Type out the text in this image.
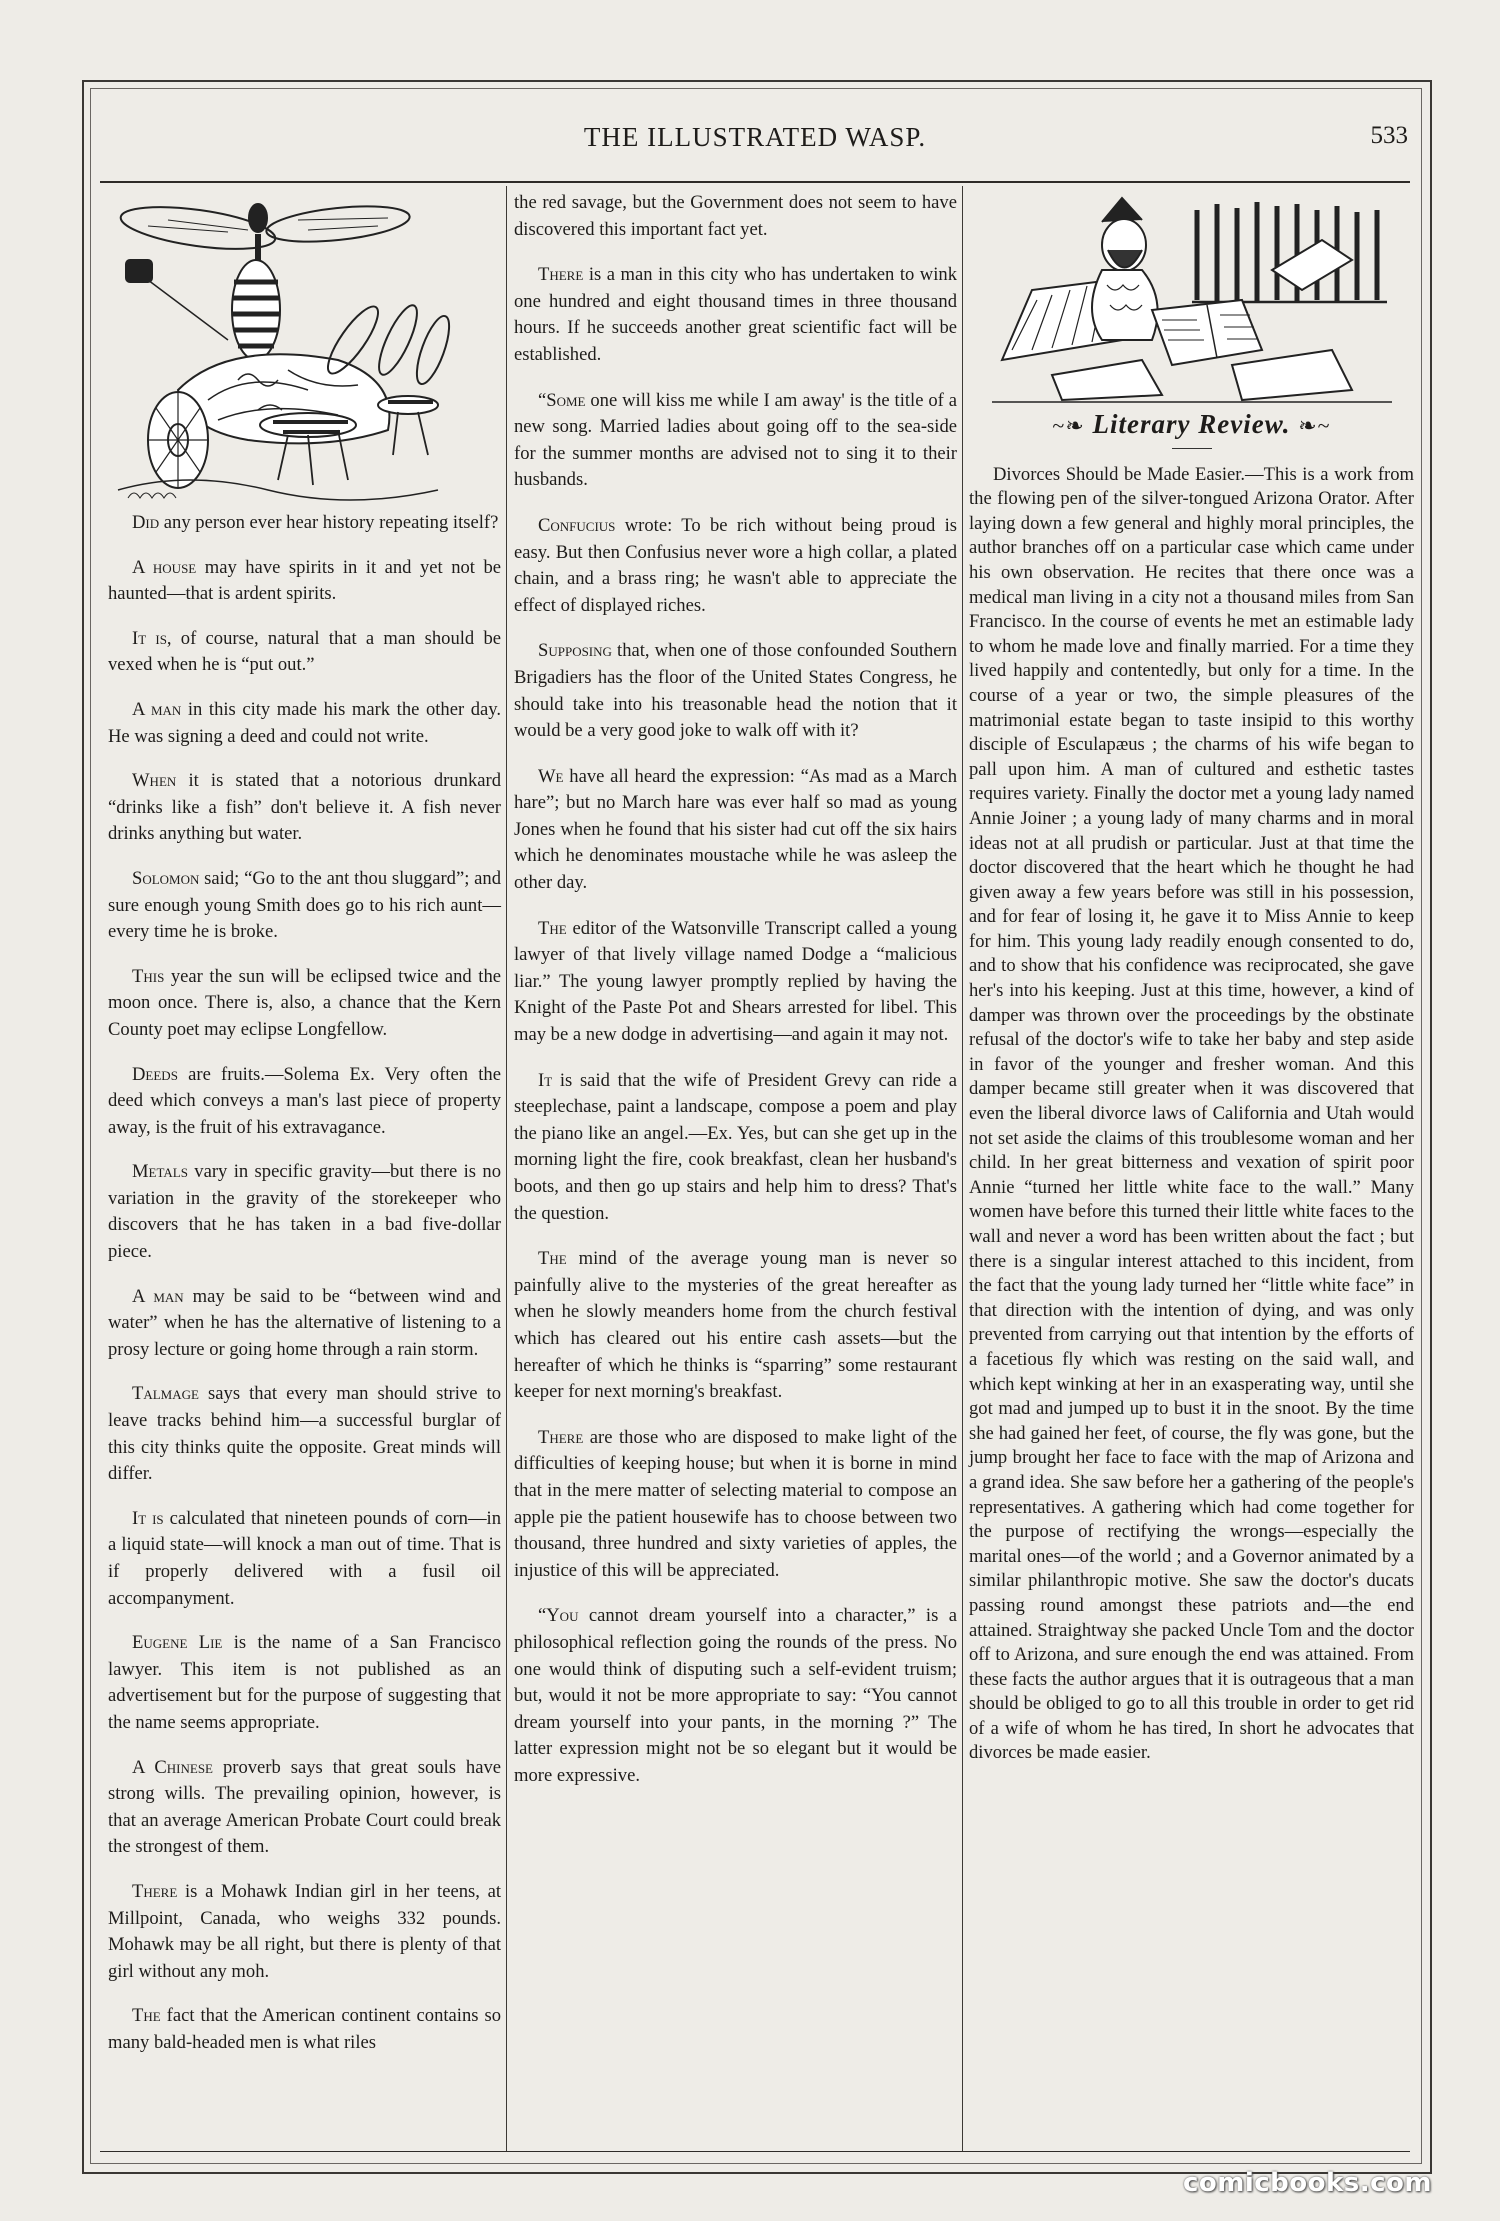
THE ILLUSTRATED WASP.	533

Did any person ever hear history repeating itself?

A house may have spirits in it and yet not be haunted—that is ardent spirits.

It is, of course, natural that a man should be vexed when he is “put out.”

A man in this city made his mark the other day. He was signing a deed and could not write.

When it is stated that a notorious drunkard “drinks like a fish” don't believe it. A fish never drinks anything but water.

Solomon said; “Go to the ant thou sluggard”; and sure enough young Smith does go to his rich aunt—every time he is broke.

This year the sun will be eclipsed twice and the moon once. There is, also, a chance that the Kern County poet may eclipse Longfellow.

Deeds are fruits.—Solema Ex. Very often the deed which conveys a man's last piece of property away, is the fruit of his extravagance.

Metals vary in specific gravity—but there is no variation in the gravity of the storekeeper who discovers that he has taken in a bad five-dollar piece.

A man may be said to be “between wind and water” when he has the alternative of listening to a prosy lecture or going home through a rain storm.

Talmage says that every man should strive to leave tracks behind him—a successful burglar of this city thinks quite the opposite. Great minds will differ.

It is calculated that nineteen pounds of corn—in a liquid state—will knock a man out of time. That is if properly delivered with a fusil oil accompanyment.

Eugene Lie is the name of a San Francisco lawyer. This item is not published as an advertisement but for the purpose of suggesting that the name seems appropriate.

A Chinese proverb says that great souls have strong wills. The prevailing opinion, however, is that an average American Probate Court could break the strongest of them.

There is a Mohawk Indian girl in her teens, at Millpoint, Canada, who weighs 332 pounds. Mohawk may be all right, but there is plenty of that girl without any moh.

The fact that the American continent contains so many bald-headed men is what riles

the red savage, but the Government does not seem to have discovered this important fact yet.

There is a man in this city who has undertaken to wink one hundred and eight thousand times in three thousand hours. If he succeeds another great scientific fact will be established.

“Some one will kiss me while I am away' is the title of a new song. Married ladies about going off to the sea-side for the summer months are advised not to sing it to their husbands.

Confucius wrote: To be rich without being proud is easy. But then Confusius never wore a high collar, a plated chain, and a brass ring; he wasn't able to appreciate the effect of displayed riches.

Supposing that, when one of those confounded Southern Brigadiers has the floor of the United States Congress, he should take into his treasonable head the notion that it would be a very good joke to walk off with it?

We have all heard the expression: “As mad as a March hare”; but no March hare was ever half so mad as young Jones when he found that his sister had cut off the six hairs which he denominates moustache while he was asleep the other day.

The editor of the Watsonville Transcript called a young lawyer of that lively village named Dodge a “malicious liar.” The young lawyer promptly replied by having the Knight of the Paste Pot and Shears arrested for libel. This may be a new dodge in advertising—and again it may not.

It is said that the wife of President Grevy can ride a steeplechase, paint a landscape, compose a poem and play the piano like an angel.—Ex. Yes, but can she get up in the morning light the fire, cook breakfast, clean her husband's boots, and then go up stairs and help him to dress? That's the question.

The mind of the average young man is never so painfully alive to the mysteries of the great hereafter as when he slowly meanders home from the church festival which has cleared out his entire cash assets—but the hereafter of which he thinks is “sparring” some restaurant keeper for next morning's breakfast.

There are those who are disposed to make light of the difficulties of keeping house; but when it is borne in mind that in the mere matter of selecting material to compose an apple pie the patient housewife has to choose between two thousand, three hundred and sixty varieties of apples, the injustice of this will be appreciated.

“You cannot dream yourself into a character,” is a philosophical reflection going the rounds of the press. No one would think of disputing such a self-evident truism; but, would it not be more appropriate to say: “You cannot dream yourself into your pants, in the morning ?” The latter expression might not be so elegant but it would be more expressive.

~❧ Literary Review. ❧~

Divorces Should be Made Easier.—This is a work from the flowing pen of the silver-tongued Arizona Orator. After laying down a few general and highly moral principles, the author branches off on a particular case which came under his own observation. He recites that there once was a medical man living in a city not a thousand miles from San Francisco. In the course of events he met an estimable lady to whom he made love and finally married. For a time they lived happily and contentedly, but only for a time. In the course of a year or two, the simple pleasures of the matrimonial estate began to taste insipid to this worthy disciple of Esculapæus ; the charms of his wife began to pall upon him. A man of cultured and esthetic tastes requires variety. Finally the doctor met a young lady named Annie Joiner ; a young lady of many charms and in moral ideas not at all prudish or particular. Just at that time the doctor discovered that the heart which he thought he had given away a few years before was still in his possession, and for fear of losing it, he gave it to Miss Annie to keep for him. This young lady readily enough consented to do, and to show that his confidence was reciprocated, she gave her's into his keeping. Just at this time, however, a kind of damper was thrown over the proceedings by the obstinate refusal of the doctor's wife to take her baby and step aside in favor of the younger and fresher woman. And this damper became still greater when it was discovered that even the liberal divorce laws of California and Utah would not set aside the claims of this troublesome woman and her child. In her great bitterness and vexation of spirit poor Annie “turned her little white face to the wall.” Many women have before this turned their little white faces to the wall and never a word has been written about the fact ; but there is a singular interest attached to this incident, from the fact that the young lady turned her “little white face” in that direction with the intention of dying, and was only prevented from carrying out that intention by the efforts of a facetious fly which was resting on the said wall, and which kept winking at her in an exasperating way, until she got mad and jumped up to bust it in the snoot. By the time she had gained her feet, of course, the fly was gone, but the jump brought her face to face with the map of Arizona and a grand idea. She saw before her a gathering of the people's representatives. A gathering which had come together for the purpose of rectifying the wrongs—especially the marital ones—of the world ; and a Governor animated by a similar philanthropic motive. She saw the doctor's ducats passing round amongst these patriots and—the end attained. Straightway she packed Uncle Tom and the doctor off to Arizona, and sure enough the end was attained. From these facts the author argues that it is outrageous that a man should be obliged to go to all this trouble in order to get rid of a wife of whom he has tired, In short he advocates that divorces be made easier.

comicbooks.com
